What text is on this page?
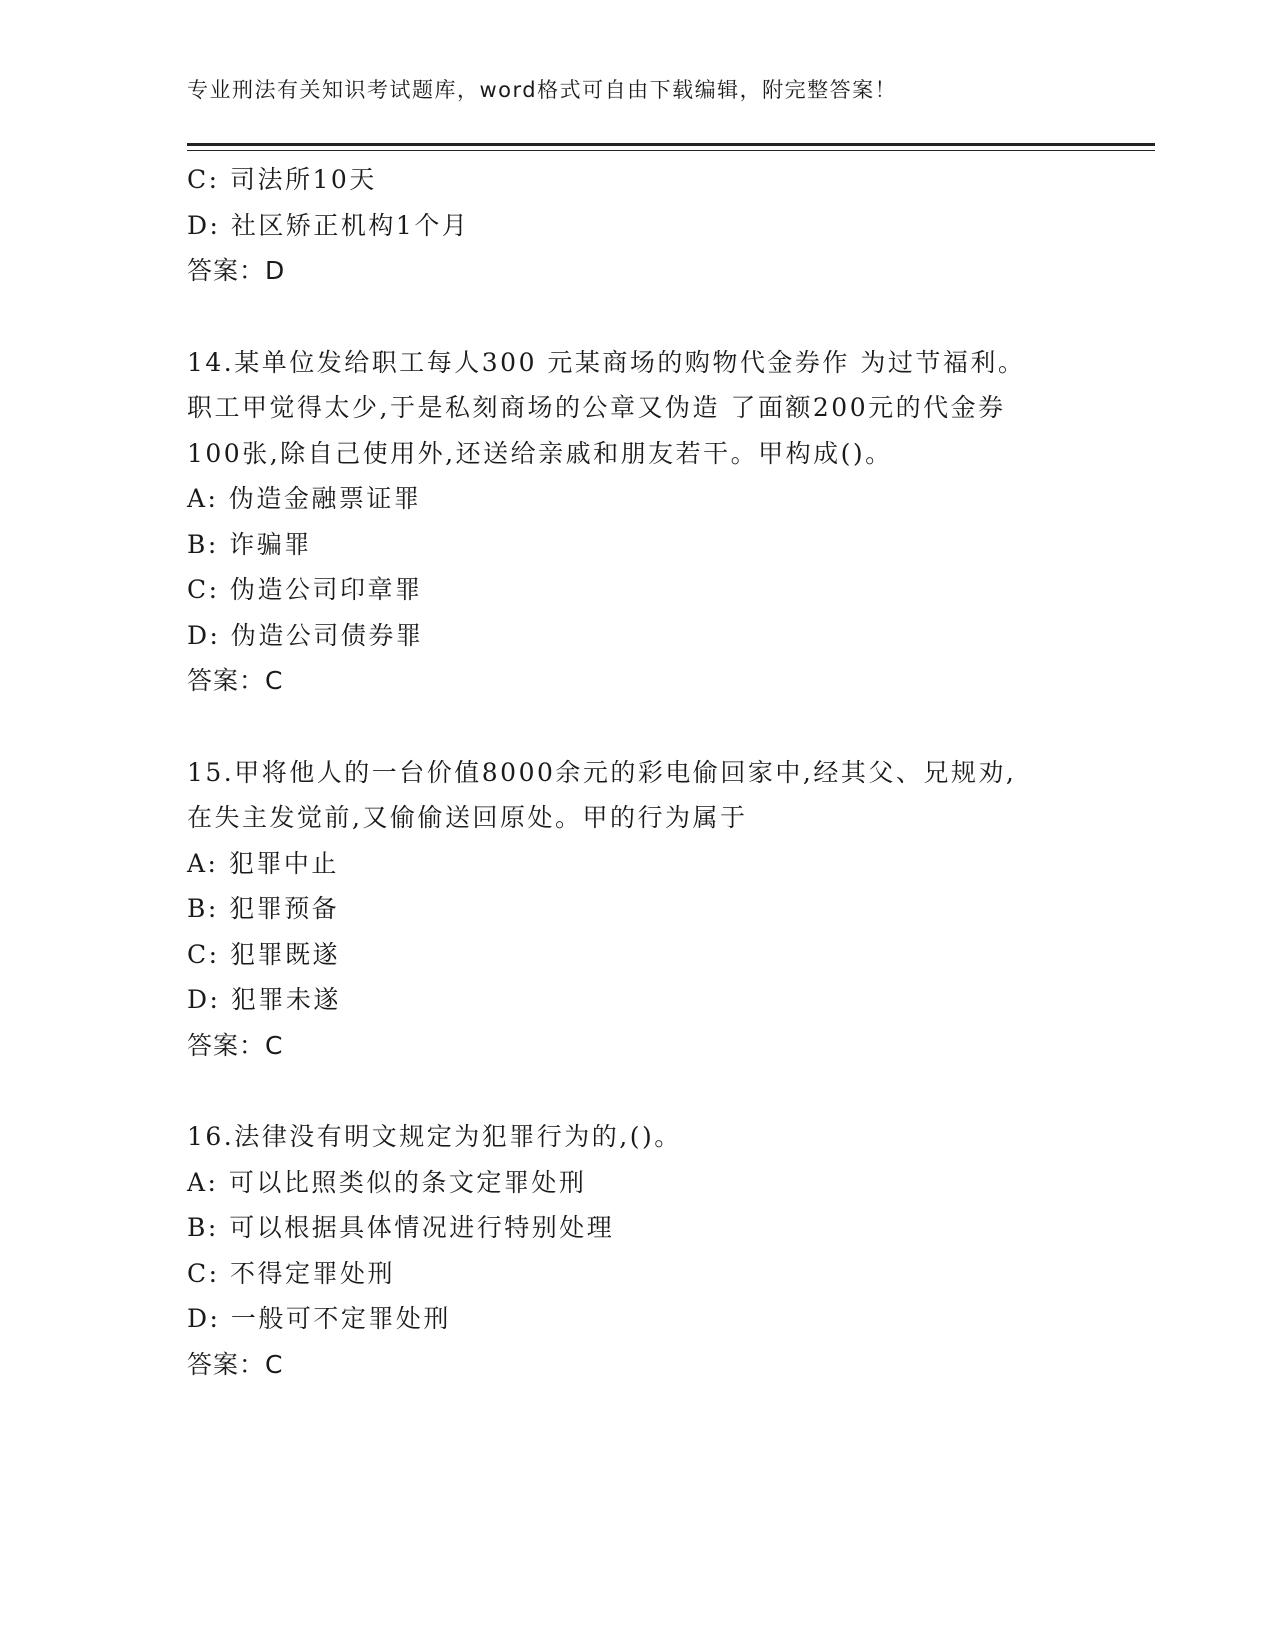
专业刑法有关知识考试题库，word格式可自由下载编辑，附完整答案！
C: 司法所10天
D: 社区矫正机构1个月
答案：D
14.某单位发给职工每人300 元某商场的购物代金券作 为过节福利。
职工甲觉得太少,于是私刻商场的公章又伪造 了面额200元的代金券
100张,除自己使用外,还送给亲戚和朋友若干。甲构成()。
A: 伪造金融票证罪
B: 诈骗罪
C: 伪造公司印章罪
D: 伪造公司债券罪
答案：C
15.甲将他人的一台价值8000余元的彩电偷回家中,经其父、兄规劝,
在失主发觉前,又偷偷送回原处。甲的行为属于
A: 犯罪中止
B: 犯罪预备
C: 犯罪既遂
D: 犯罪未遂
答案：C
16.法律没有明文规定为犯罪行为的,()。
A: 可以比照类似的条文定罪处刑
B: 可以根据具体情况进行特别处理
C: 不得定罪处刑
D: 一般可不定罪处刑
答案：C
